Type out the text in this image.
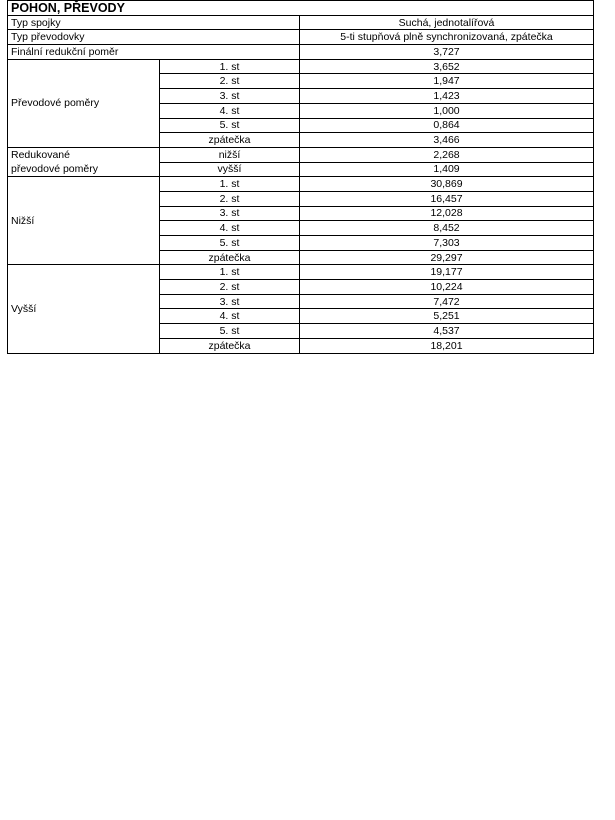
POHON, PŘEVODY		
Typ spojky		Suchá, jednotalířová
Typ převodovky		5-ti stupňová plně synchronizovaná, zpátečka
Finální redukční poměr		3,727
Převodové poměry	1. st	3,652
	2. st	1,947
	3. st	1,423
	4. st	1,000
	5. st	0,864
	zpátečka	3,466
Redukované
převodové poměry	nižší	2,268
	vyšší	1,409
Nižší	1. st	30,869
	2. st	16,457
	3. st	12,028
	4. st	8,452
	5. st	7,303
	zpátečka	29,297
Vyšší	1. st	19,177
	2. st	10,224
	3. st	7,472
	4. st	5,251
	5. st	4,537
	zpátečka	18,201
